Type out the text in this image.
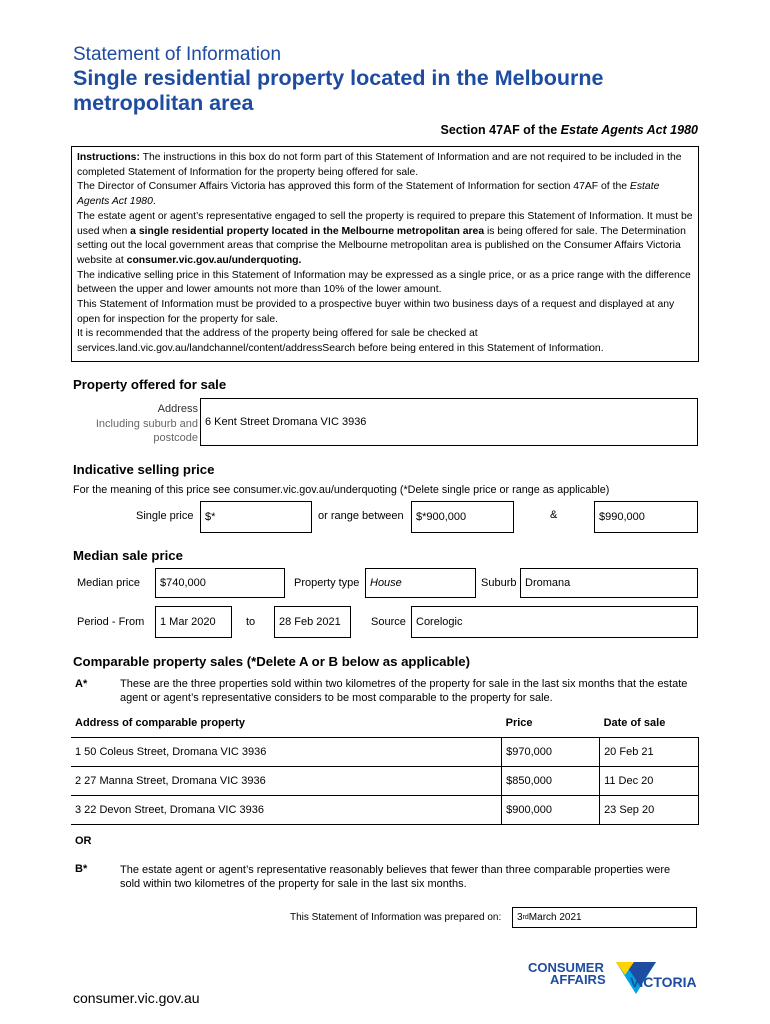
Statement of Information
Single residential property located in the Melbourne metropolitan area
Section 47AF of the Estate Agents Act 1980

Instructions: The instructions in this box do not form part of this Statement of Information and are not required to be included in the completed Statement of Information for the property being offered for sale.

The Director of Consumer Affairs Victoria has approved this form of the Statement of Information for section 47AF of the Estate Agents Act 1980.

The estate agent or agent’s representative engaged to sell the property is required to prepare this Statement of Information. It must be used when a single residential property located in the Melbourne metropolitan area is being offered for sale. The Determination setting out the local government areas that comprise the Melbourne metropolitan area is published on the Consumer Affairs Victoria website at consumer.vic.gov.au/underquoting.

The indicative selling price in this Statement of Information may be expressed as a single price, or as a price range with the difference between the upper and lower amounts not more than 10% of the lower amount.

This Statement of Information must be provided to a prospective buyer within two business days of a request and displayed at any open for inspection for the property for sale.

It is recommended that the address of the property being offered for sale be checked at services.land.vic.gov.au/landchannel/content/addressSearch before being entered in this Statement of Information.

Property offered for sale
Address
Including suburb and
postcode
6 Kent Street Dromana VIC 3936
Indicative selling price
For the meaning of this price see consumer.vic.gov.au/underquoting (*Delete single price or range as applicable)
Single price	$*	or range between	$*900,000	&	$990,000
Median sale price
Median price	$740,000	Property type House	Suburb Dromana
Period - From	1 Mar 2020	to	28 Feb 2021	Source Corelogic
Comparable property sales (*Delete A or B below as applicable)
A*	These are the three properties sold within two kilometres of the property for sale in the last six months that the estate agent or agent’s representative considers to be most comparable to the property for sale.
Address of comparable property	Price	Date of sale
1 50 Coleus Street, Dromana VIC 3936	$970,000	20 Feb 21
2 27 Manna Street, Dromana VIC 3936	$850,000	11 Dec 20
3 22 Devon Street, Dromana VIC 3936	$900,000	23 Sep 20
OR
B*	The estate agent or agent’s representative reasonably believes that fewer than three comparable properties were sold within two kilometres of the property for sale in the last six months.
This Statement of Information was prepared on: 3 rd March 2021
CONSUMER
AFFAIRS VICTORIA
consumer.vic.gov.au
